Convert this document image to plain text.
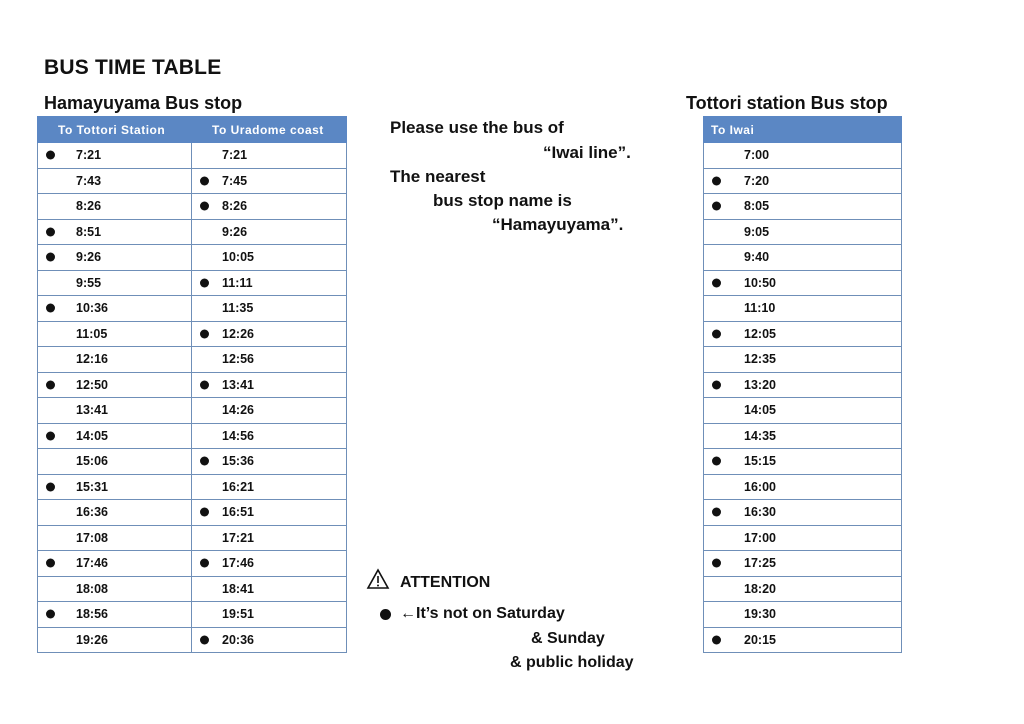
BUS TIME TABLE
Hamayuyama Bus stop	Tottori station Bus stop
To Tottori Station	To Uradome coast

7:21	7:21

7:43	7:45

8:26	8:26

8:51	9:26

9:26	10:05

9:55	11:11

10:36	11:35

11:05	12:26

12:16	12:56

12:50	13:41

13:41	14:26

14:05	14:56

15:06	15:36

15:31	16:21

16:36	16:51

17:08	17:21

17:46	17:46

18:08	18:41

18:56	19:51

19:26	20:36
To Iwai

7:00

7:20

8:05

9:05

9:40

10:50

11:10

12:05

12:35

13:20

14:05

14:35

15:15

16:00

16:30

17:00

17:25

18:20

19:30

20:15
Please use the bus of
“Iwai line”.
The nearest
bus stop name is
“Hamayuyama”.
ATTENTION
←It’s not on Saturday
& Sunday
& public holiday
